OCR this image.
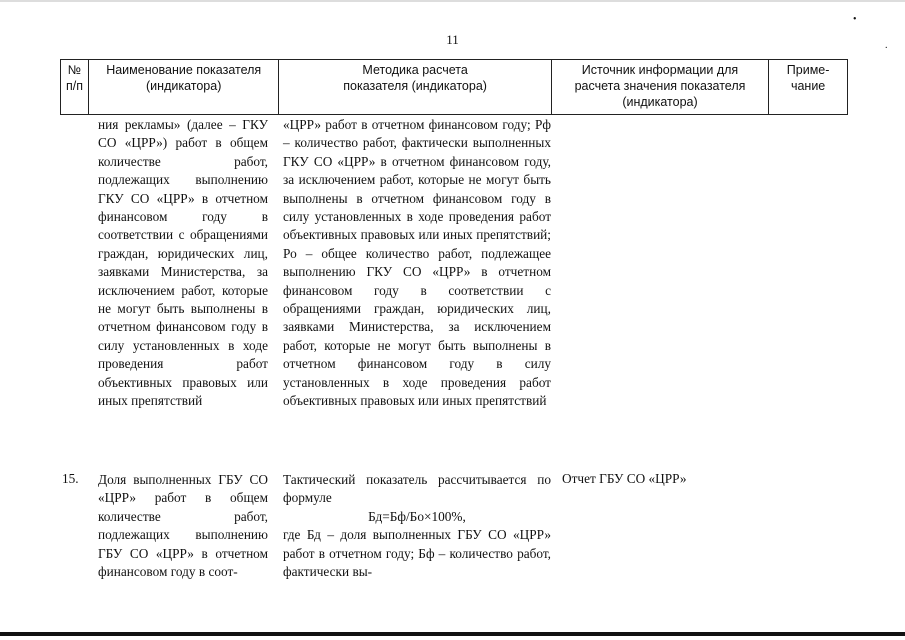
•
.
11
№
п/п
Наименование показателя
(индикатора)
Методика расчета
показателя (индикатора)
Источник информации для
расчета значения показателя
(индикатора)
Приме-
чание
ния рекламы» (далее – ГКУ СО «ЦРР») работ в общем количестве работ, подлежащих выполнению ГКУ СО «ЦРР» в отчетном финансовом году в соответствии с обращениями граждан, юридических лиц, заявками Министерства, за исключением работ, которые не могут быть выполнены в отчетном финансовом году в силу установленных в ходе проведения работ объективных правовых или иных препятствий
«ЦРР» работ в отчетном финансовом году; Рф – количество работ, фактически выполненных ГКУ СО «ЦРР» в отчетном финансовом году, за исключением работ, которые не могут быть выполнены в отчетном финансовом году в силу установленных в ходе проведения работ объективных правовых или иных препятствий; Ро – общее количество работ, подлежащее выполнению ГКУ СО «ЦРР» в отчетном финансовом году в соответствии с обращениями граждан, юридических лиц, заявками Министерства, за исключением работ, которые не могут быть выполнены в отчетном финансовом году в силу установленных в ходе проведения работ объективных правовых или иных препятствий
15.	Доля выполненных ГБУ СО «ЦРР» работ в общем количестве работ, подлежащих выполнению ГБУ СО «ЦРР» в отчетном финансовом году в соот-
Тактический показатель рассчитывается по формуле
Бд=Бф/Бо×100%,
где Бд – доля выполненных ГБУ СО «ЦРР» работ в отчетном году; Бф – количество работ, фактически вы-
Отчет ГБУ СО «ЦРР»
